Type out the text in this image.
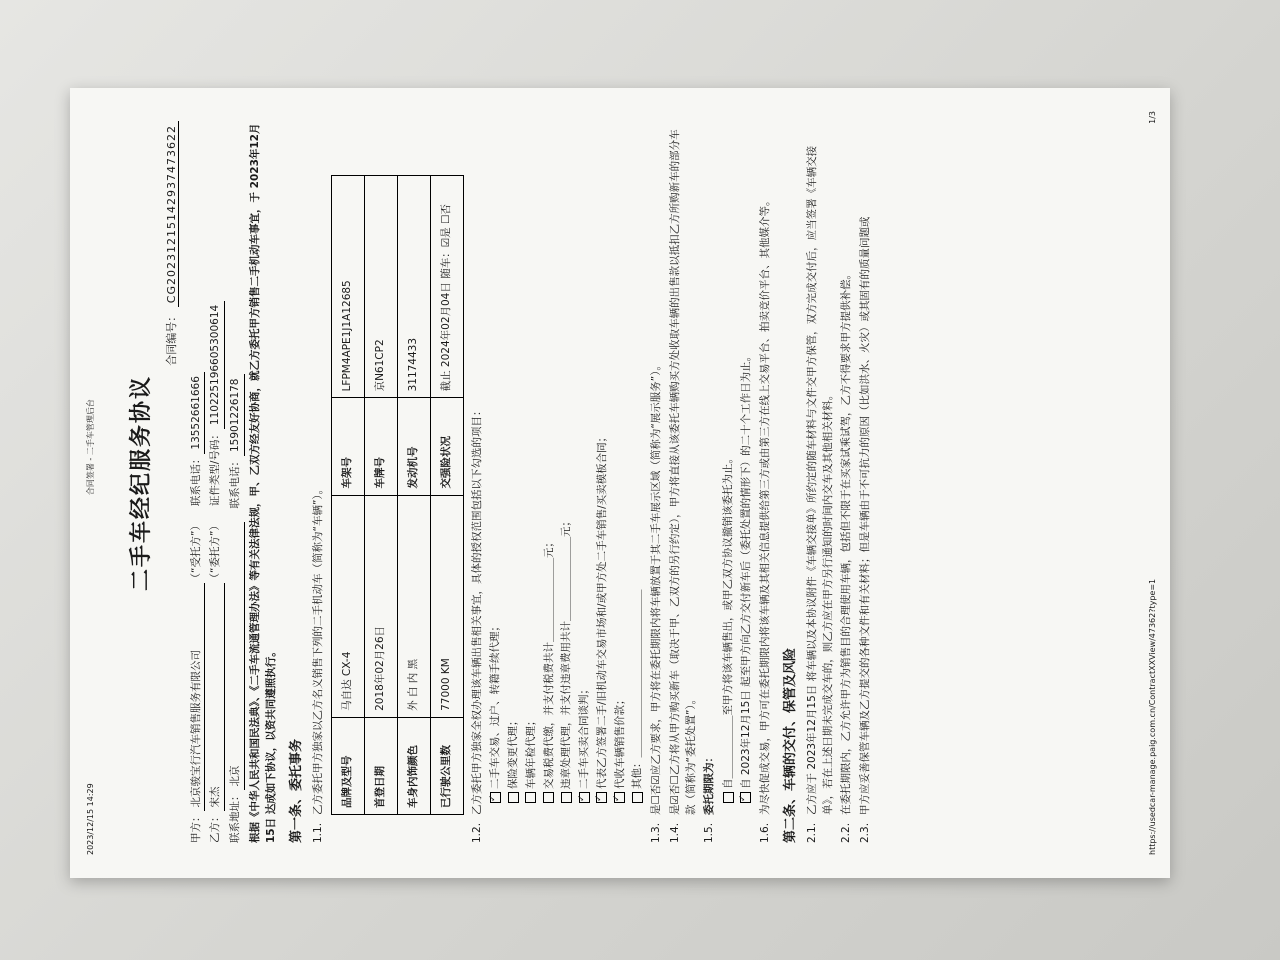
2023/12/15 14:29
合同签署 - 二手车管理后台 二手车经纪服务协议
合同编号： CG20231215142937473622
甲方：
北京骏宝行汽车销售服务有限公司
（“受托方”）
联系电话：
13552661666
乙方：
宋杰
（“委托方”）
证件类型/号码：
110225196605300614
联系地址：
北京
联系电话：
15901226178 根据《中华人民共和国民法典》、《二手车流通管理办法》等有关法律法规，甲、乙双方经友好协商，就乙方委托甲方销售二手机动车事宜，于 2023年12月15日 达成如下协议，以资共同遵照执行。 第一条、委托事务 1.1.
乙方委托甲方独家以乙方名义销售下列的二手机动车（简称为“车辆”）。 品牌及型号	马自达 CX-4	车架号	LFPM4APE1J1A12685
首登日期	2018年02月26日	车牌号	京N61CP2
车身内饰颜色	外 白 内 黑	发动机号	31174433
已行驶公里数	77000 KM	交强险状况	截止 2024年02月04日 随车：☑是 ☐否
1.2.
乙方委托甲方独家全权办理该车辆出售相关事宜，具体的授权范围包括以下勾选的项目：
✓ 二手车交易、过户、转籍手续代理； 保险变更代理； 车辆年检代理； 交易税费代缴，并支付税费共计＿＿＿＿＿＿＿＿元； 违章处理代理，并支付违章费用共计＿＿＿＿＿＿＿＿元；
✓ 二手车买卖合同谈判；
✓ 代表乙方签署二手/旧机动车交易市场和/或甲方处二手车销售/买卖模板合同；
✓ 代收车辆销售价款； 其他：＿＿＿＿＿＿＿＿＿＿＿＿＿＿＿＿
1.3.
是☐否☑应乙方要求，甲方将在委托期限内将车辆放置于其二手车展示区域（简称为“展示服务”）。
1.4.
是☑否☐乙方将从甲方购买新车（取决于甲、乙双方的另行约定），甲方将直接从该委托车辆购买方处收取车辆的出售款以抵扣乙方所购新车的部分车款（简称为“委托处置”）。
1.5.
委托期限为： 自＿＿＿＿＿＿至甲方将该车辆售出，或甲乙双方协议撤销该委托为止。
✓ 自 2023年12月15日 起至甲方向乙方交付新车后（委托处置的情形下）的二十个工作日为止。
1.6.
为尽快促成交易，甲方可在委托期限内将该车辆及其相关信息提供给第三方或由第三方在线上交易平台、拍卖竞价平台、其他媒介等。 第二条、车辆的交付、保管及风险 2.1.
乙方应于 2023年12月15日 将车辆以及本协议附件《车辆交接单》所约定的随车材料与文件交甲方保管，双方完成交付后，应当签署《车辆交接单》，若在上述日期未完成交车的，则乙方应在甲方另行通知的时间内交车及其他相关材料。
2.2.
在委托期限内，乙方允许甲方为销售目的合理使用车辆，包括但不限于在买家试乘试驾，乙方不得要求甲方提供补偿。
2.3.
甲方应妥善保管车辆及乙方提交的各种文件和有关材料；但是车辆由于不可抗力的原因（比如洪水、火灾）或其固有的质量问题或	https://usedcar-manage.paig.com.cn/ContractXXView/47362?type=1
1/3
